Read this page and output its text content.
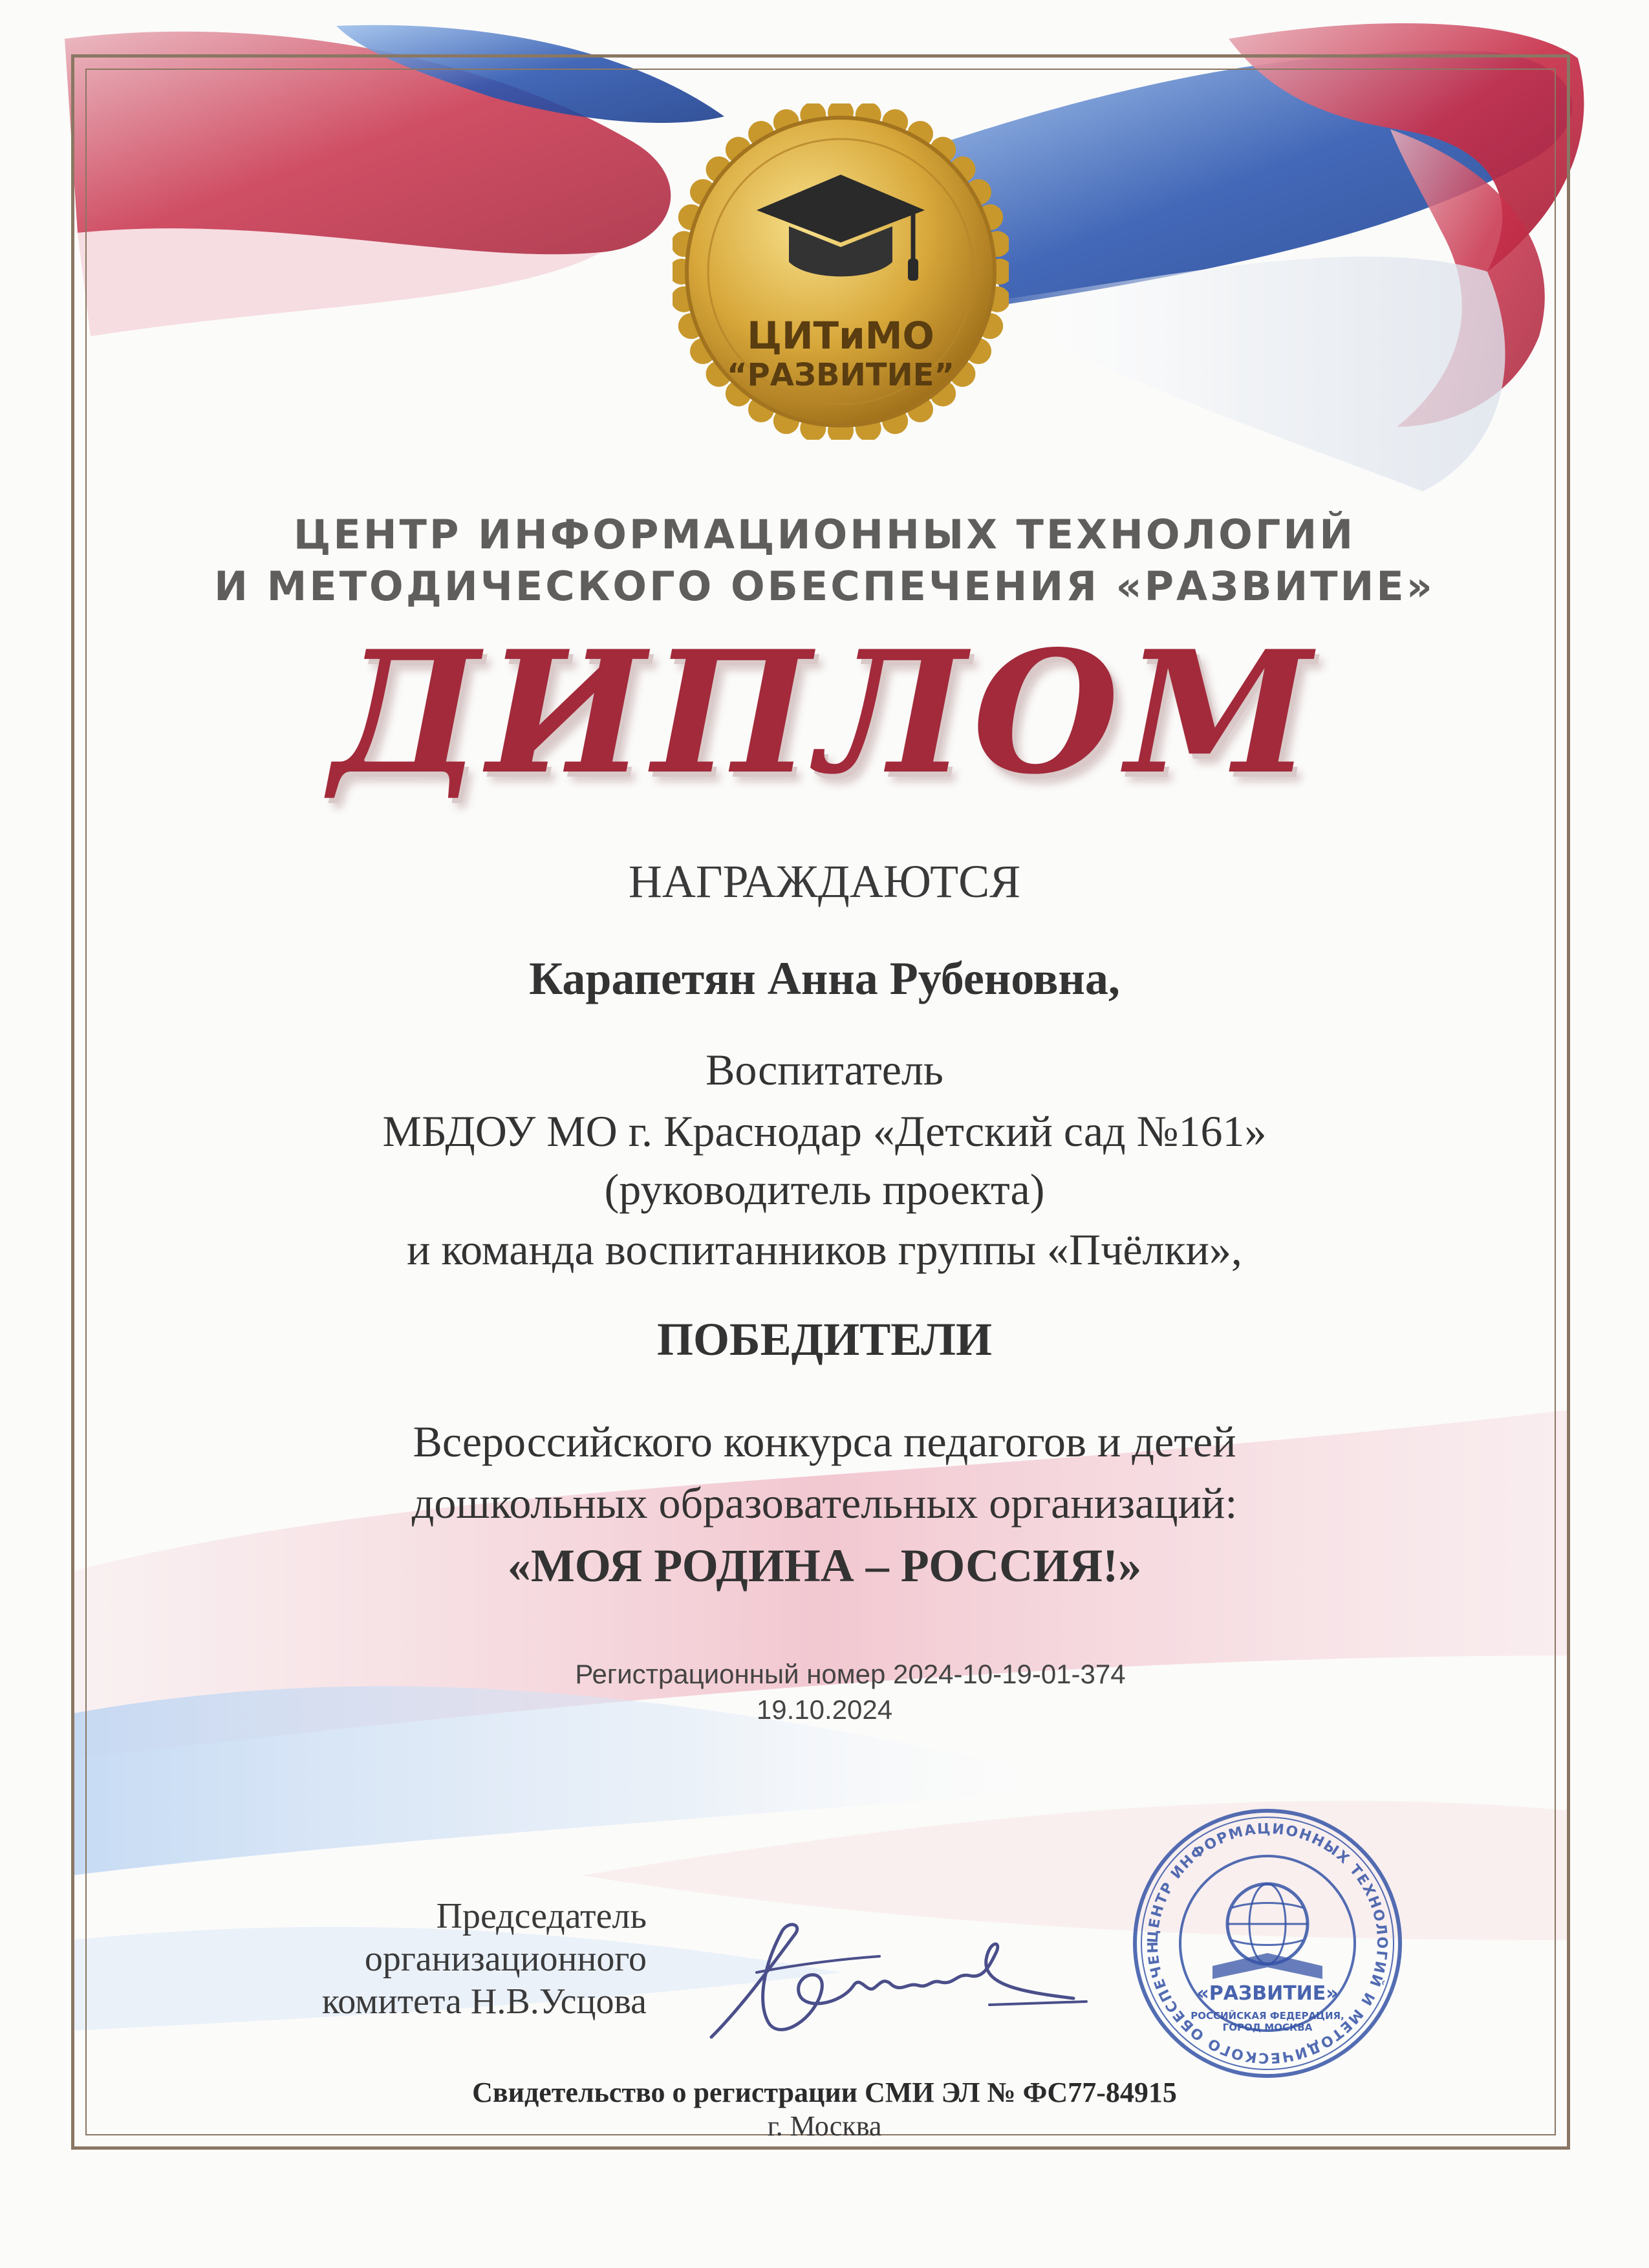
ЦИТиМО
“РАЗВИТИЕ”
ЦЕНТР ИНФОРМАЦИОННЫХ ТЕХНОЛОГИЙ
И МЕТОДИЧЕСКОГО ОБЕСПЕЧЕНИЯ «РАЗВИТИЕ»
ДИПЛОМ
НАГРАЖДАЮТСЯ
Карапетян Анна Рубеновна,
Воспитатель
МБДОУ МО г. Краснодар «Детский сад №161»
(руководитель проекта)
и команда воспитанников группы «Пчёлки»,
ПОБЕДИТЕЛИ
Всероссийского конкурса педагогов и детей
дошкольных образовательных организаций:
«МОЯ РОДИНА – РОССИЯ!»
Регистрационный номер 2024-10-19-01-374
19.10.2024
Председатель
организационного
комитета Н.В.Усцова
ЦЕНТР ИНФОРМАЦИОННЫХ ТЕХНОЛОГИЙ И МЕТОДИЧЕСКОГО ОБЕСПЕЧЕН
«РАЗВИТИЕ»
РОССИЙСКАЯ ФЕДЕРАЦИЯ, ГОРОД МОСКВА
Свидетельство о регистрации СМИ ЭЛ № ФС77-84915
г. Москва
